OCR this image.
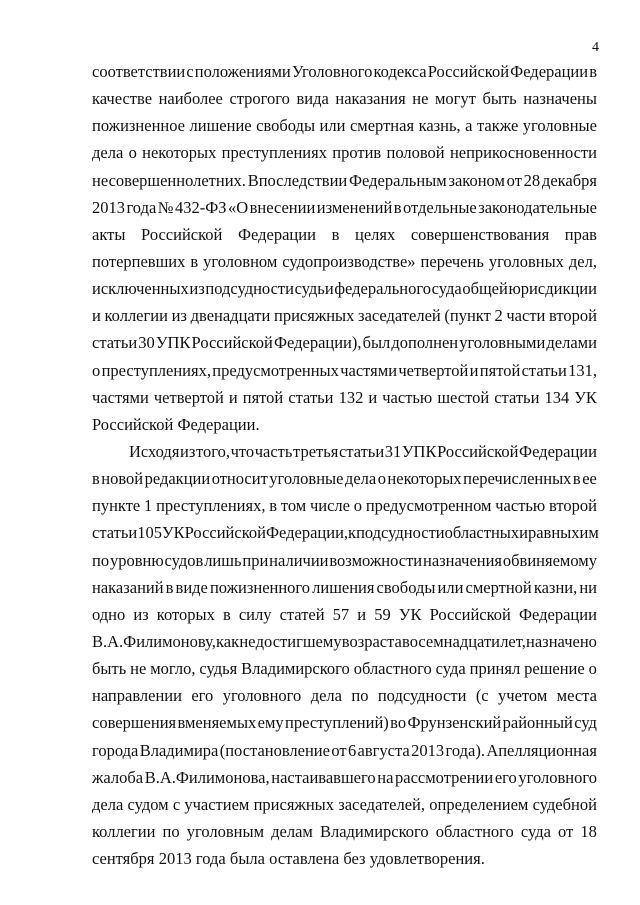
4
соответствии с положениями Уголовного кодекса Российской Федерации в
качестве наиболее строгого вида наказания не могут быть назначены
пожизненное лишение свободы или смертная казнь, а также уголовные
дела о некоторых преступлениях против половой неприкосновенности
несовершеннолетних. Впоследствии Федеральным законом от 28 декабря
2013 года № 432-ФЗ «О внесении изменений в отдельные законодательные
акты Российской Федерации в целях совершенствования прав
потерпевших в уголовном судопроизводстве» перечень уголовных дел,
исключенных из подсудности судьи федерального суда общей юрисдикции
и коллегии из двенадцати присяжных заседателей (пункт 2 части второй
статьи 30 УПК Российской Федерации), был дополнен уголовными делами
о преступлениях, предусмотренных частями четвертой и пятой статьи 131,
частями четвертой и пятой статьи 132 и частью шестой статьи 134 УК
Российской Федерации.
Исходя из того, что часть третья статьи 31 УПК Российской Федерации
в новой редакции относит уголовные дела о некоторых перечисленных в ее
пункте 1 преступлениях, в том числе о предусмотренном частью второй
статьи 105 УК Российской Федерации, к подсудности областных и равных им
по уровню судов лишь при наличии возможности назначения обвиняемому
наказаний в виде пожизненного лишения свободы или смертной казни, ни
одно из которых в силу статей 57 и 59 УК Российской Федерации
В.А.Филимонову, как не достигшему возраста восемнадцати лет, назначено
быть не могло, судья Владимирского областного суда принял решение о
направлении его уголовного дела по подсудности (с учетом места
совершения вменяемых ему преступлений) во Фрунзенский районный суд
города Владимира (постановление от 6 августа 2013 года). Апелляционная
жалоба В.А.Филимонова, настаивавшего на рассмотрении его уголовного
дела судом с участием присяжных заседателей, определением судебной
коллегии по уголовным делам Владимирского областного суда от 18
сентября 2013 года была оставлена без удовлетворения.
